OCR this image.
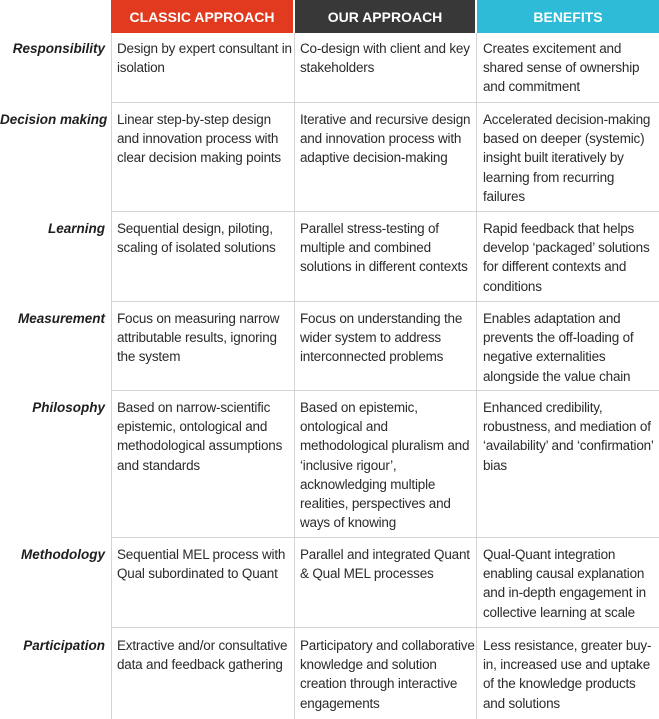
CLASSIC APPROACH	OUR APPROACH	BENEFITS
Responsibility Design by expert consultant in isolation
Co-design with client and key stakeholders
Creates excitement and shared sense of ownership and commitment
Decision making Linear step-by-step design and innovation process with clear decision making points
Iterative and recursive design and innovation process with adaptive decision-making
Accelerated decision-making based on deeper (systemic) insight built iteratively by learning from recurring failures
Learning Sequential design, piloting, scaling of isolated solutions
Parallel stress-testing of multiple and combined solutions in different contexts
Rapid feedback that helps develop ‘packaged’ solutions for different contexts and conditions
Measurement Focus on measuring narrow attributable results, ignoring the system
Focus on understanding the wider system to address interconnected problems
Enables adaptation and prevents the off-loading of negative externalities alongside the value chain
Philosophy Based on narrow-scientific epistemic, ontological and methodological assumptions and standards
Based on epistemic, ontological and methodological pluralism and ‘inclusive rigour’, acknowledging multiple realities, perspectives and ways of knowing
Enhanced credibility, robustness, and mediation of ‘availability’ and ‘confirmation’ bias
Methodology Sequential MEL process with Qual subordinated to Quant
Parallel and integrated Quant & Qual MEL processes
Qual-Quant integration enabling causal explanation and in-depth engagement in collective learning at scale
Participation Extractive and/or consultative data and feedback gathering
Participatory and collaborative knowledge and solution creation through interactive engagements
Less resistance, greater buy-in, increased use and uptake of the knowledge products and solutions
